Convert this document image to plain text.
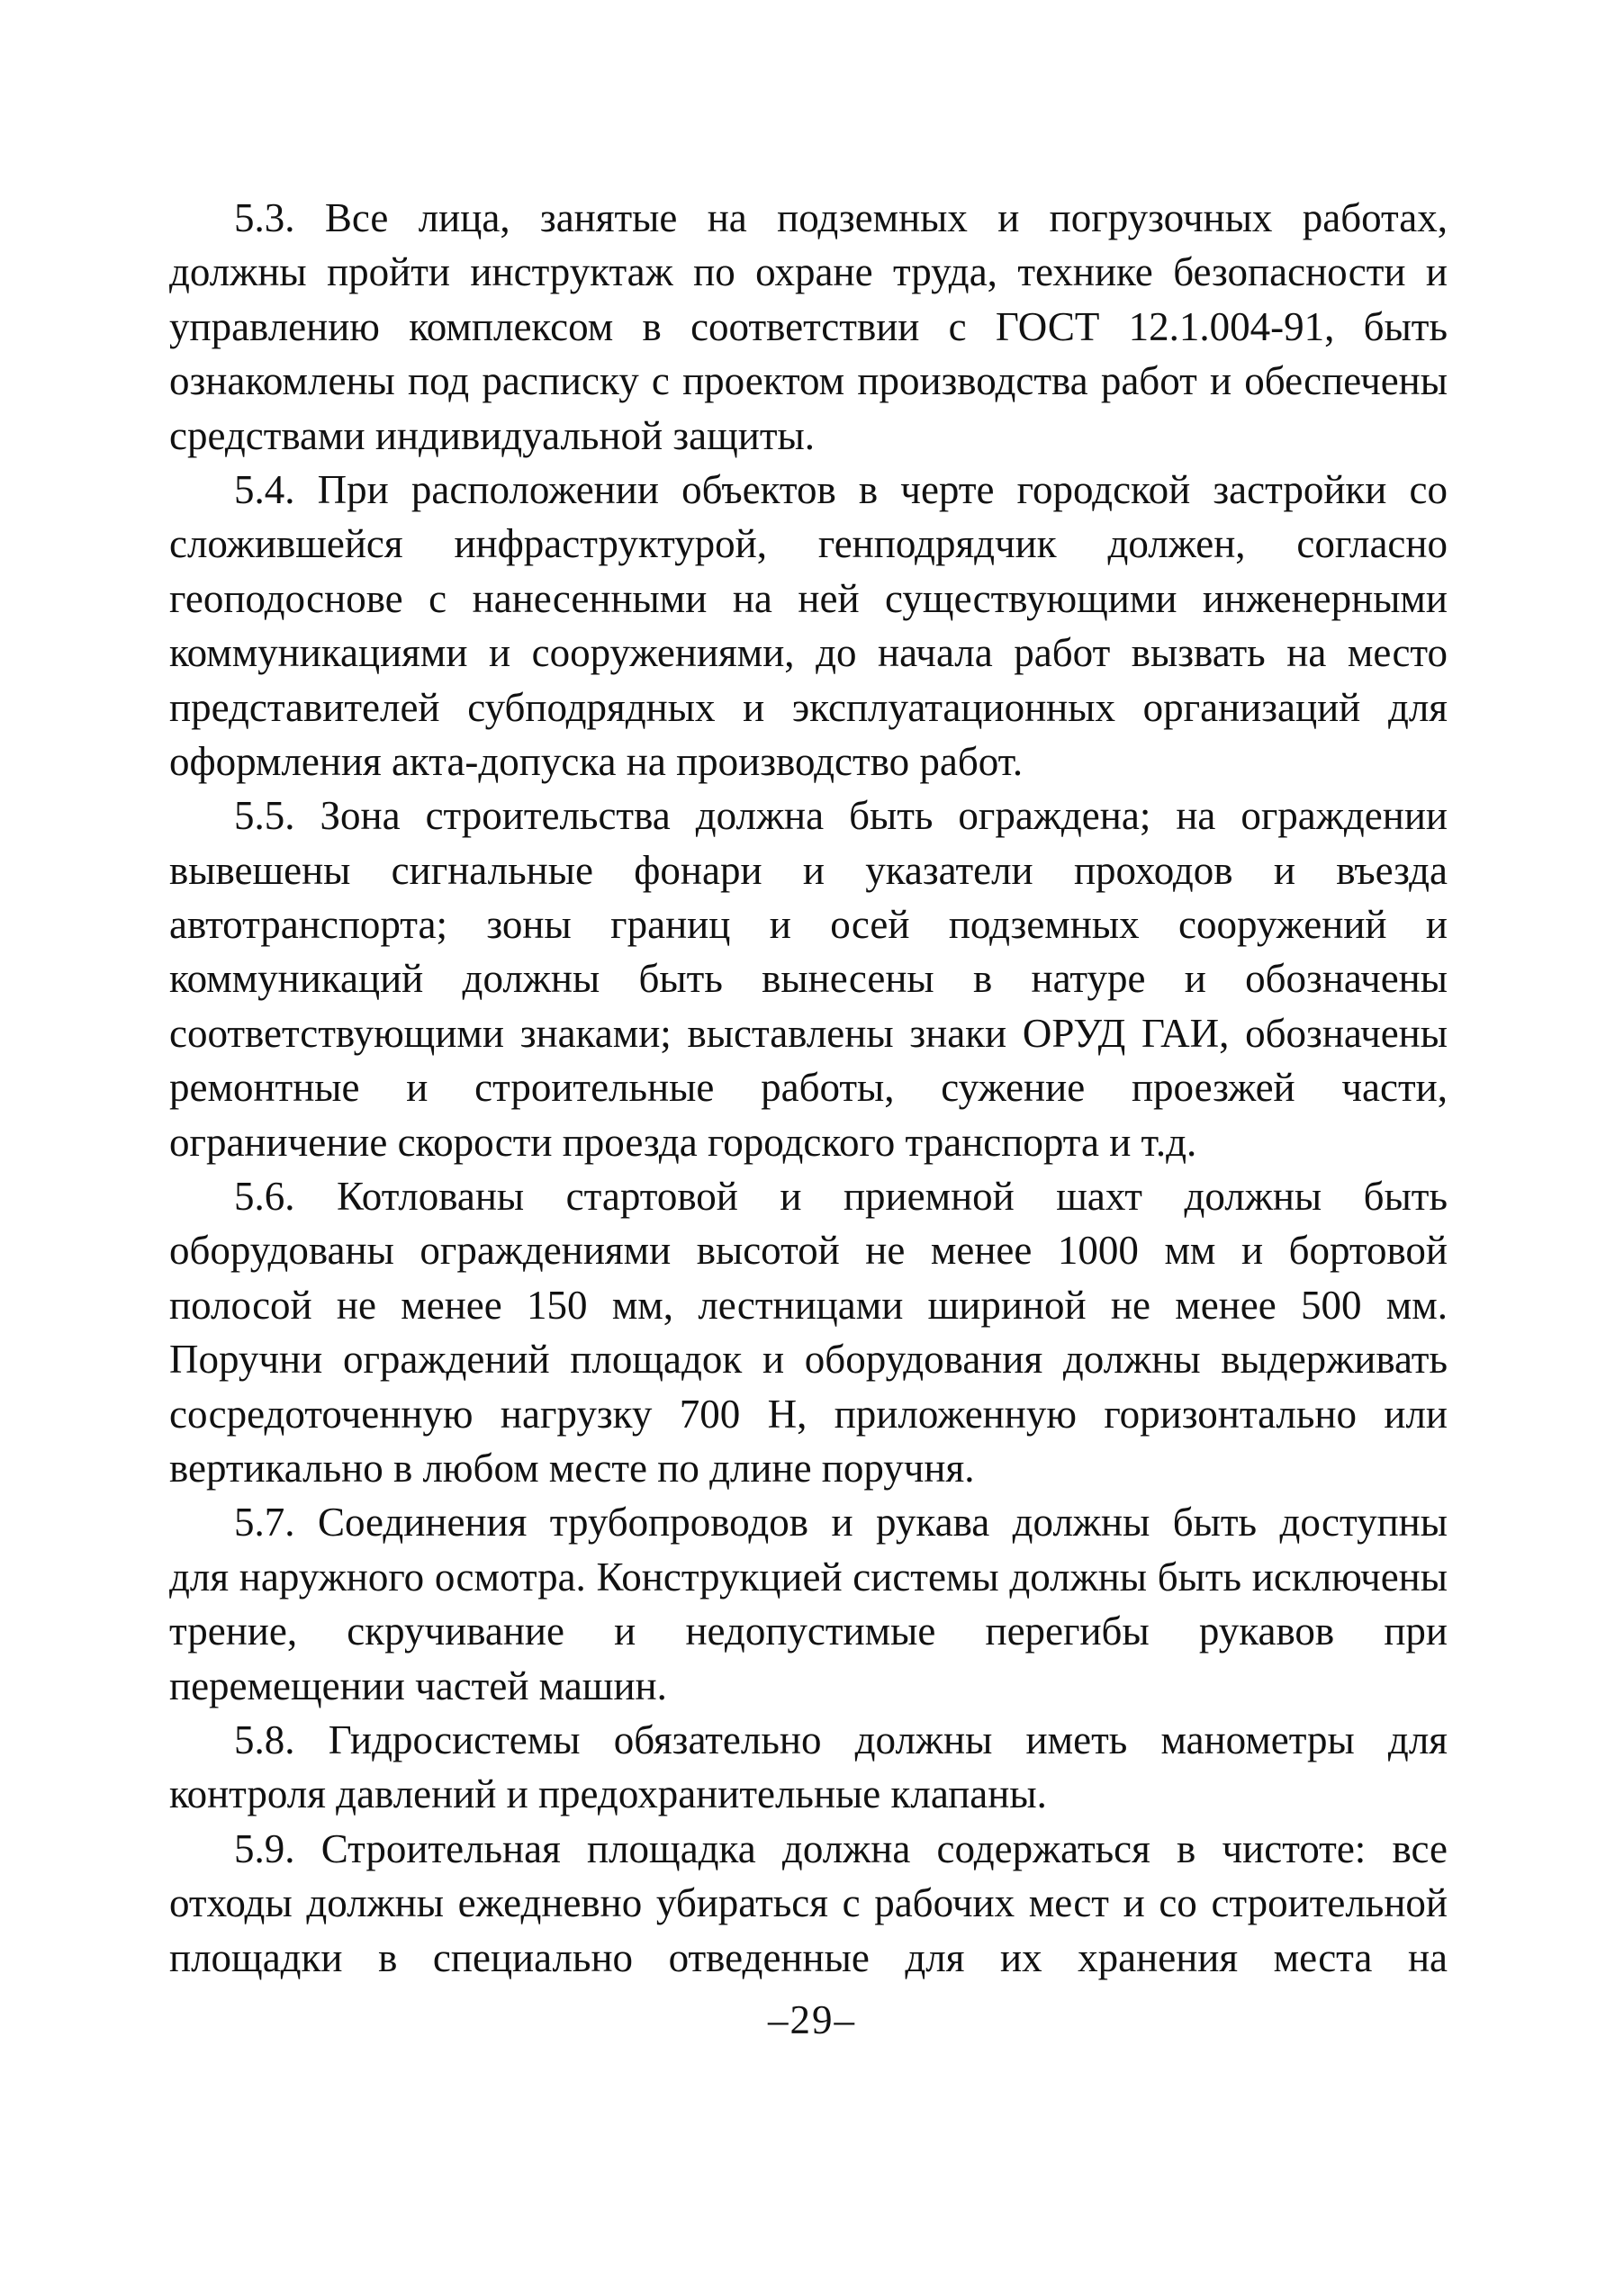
5.3. Все лица, занятые на подземных и погрузочных работах,
должны пройти инструктаж по охране труда, технике безопасности и
управлению комплексом в соответствии с ГОСТ 12.1.004-91, быть
ознакомлены под расписку с проектом производства работ и обеспечены
средствами индивидуальной защиты.
5.4. При расположении объектов в черте городской застройки со
сложившейся инфраструктурой, генподрядчик должен, согласно
геоподоснове с нанесенными на ней существующими инженерными
коммуникациями и сооружениями, до начала работ вызвать на место
представителей субподрядных и эксплуатационных организаций для
оформления акта-допуска на производство работ.
5.5. Зона строительства должна быть ограждена; на ограждении
вывешены сигнальные фонари и указатели проходов и въезда
автотранспорта; зоны границ и осей подземных сооружений и
коммуникаций должны быть вынесены в натуре и обозначены
соответствующими знаками; выставлены знаки ОРУД ГАИ, обозначены
ремонтные и строительные работы, сужение проезжей части,
ограничение скорости проезда городского транспорта и т.д.
5.6. Котлованы стартовой и приемной шахт должны быть
оборудованы ограждениями высотой не менее 1000 мм и бортовой
полосой не менее 150 мм, лестницами шириной не менее 500 мм.
Поручни ограждений площадок и оборудования должны выдерживать
сосредоточенную нагрузку 700 Н, приложенную горизонтально или
вертикально в любом месте по длине поручня.
5.7. Соединения трубопроводов и рукава должны быть доступны
для наружного осмотра. Конструкцией системы должны быть исключены
трение, скручивание и недопустимые перегибы рукавов при
перемещении частей машин.
5.8. Гидросистемы обязательно должны иметь манометры для
контроля давлений и предохранительные клапаны.
5.9. Строительная площадка должна содержаться в чистоте: все
отходы должны ежедневно убираться с рабочих мест и со строительной
площадки в специально отведенные для их хранения места на
–29–
